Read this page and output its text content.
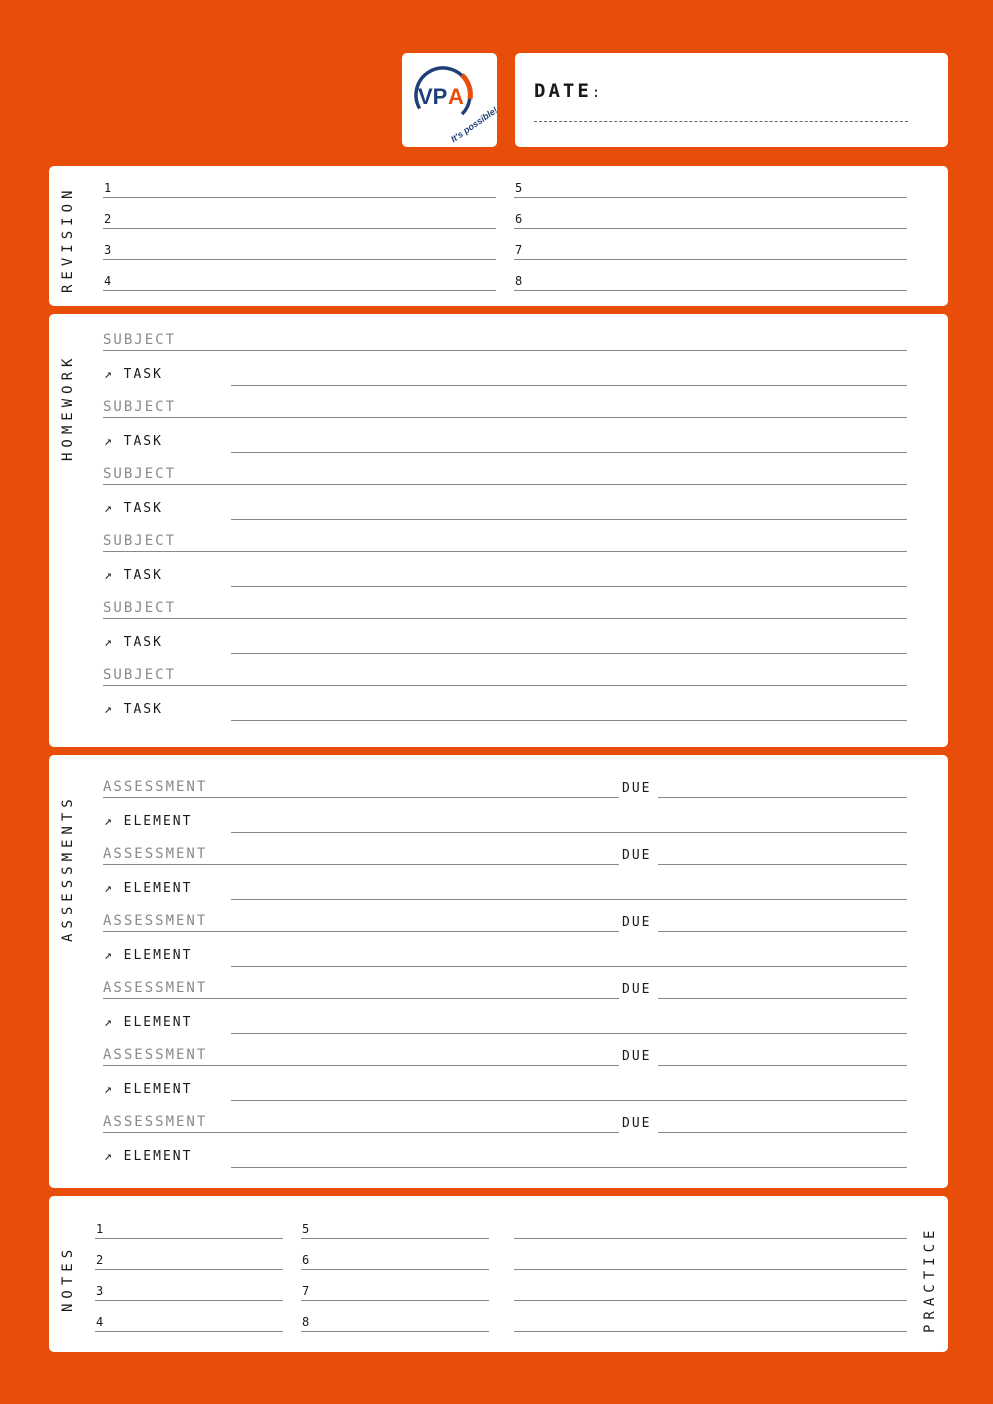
VP A
It's possible!
DATE:
REVISION 1
2
3
4
5
6
7
8
HOMEWORK
SUBJECT
↗ TASK
SUBJECT
↗ TASK
SUBJECT
↗ TASK
SUBJECT
↗ TASK
SUBJECT
↗ TASK
SUBJECT
↗ TASK
ASSESSMENTS
ASSESSMENT	DUE
↗ ELEMENT
ASSESSMENT	DUE
↗ ELEMENT
ASSESSMENT	DUE
↗ ELEMENT
ASSESSMENT	DUE
↗ ELEMENT
ASSESSMENT	DUE
↗ ELEMENT
ASSESSMENT	DUE
↗ ELEMENT
NOTES	PRACTICE
1
2
3
4
5
6
7
8
